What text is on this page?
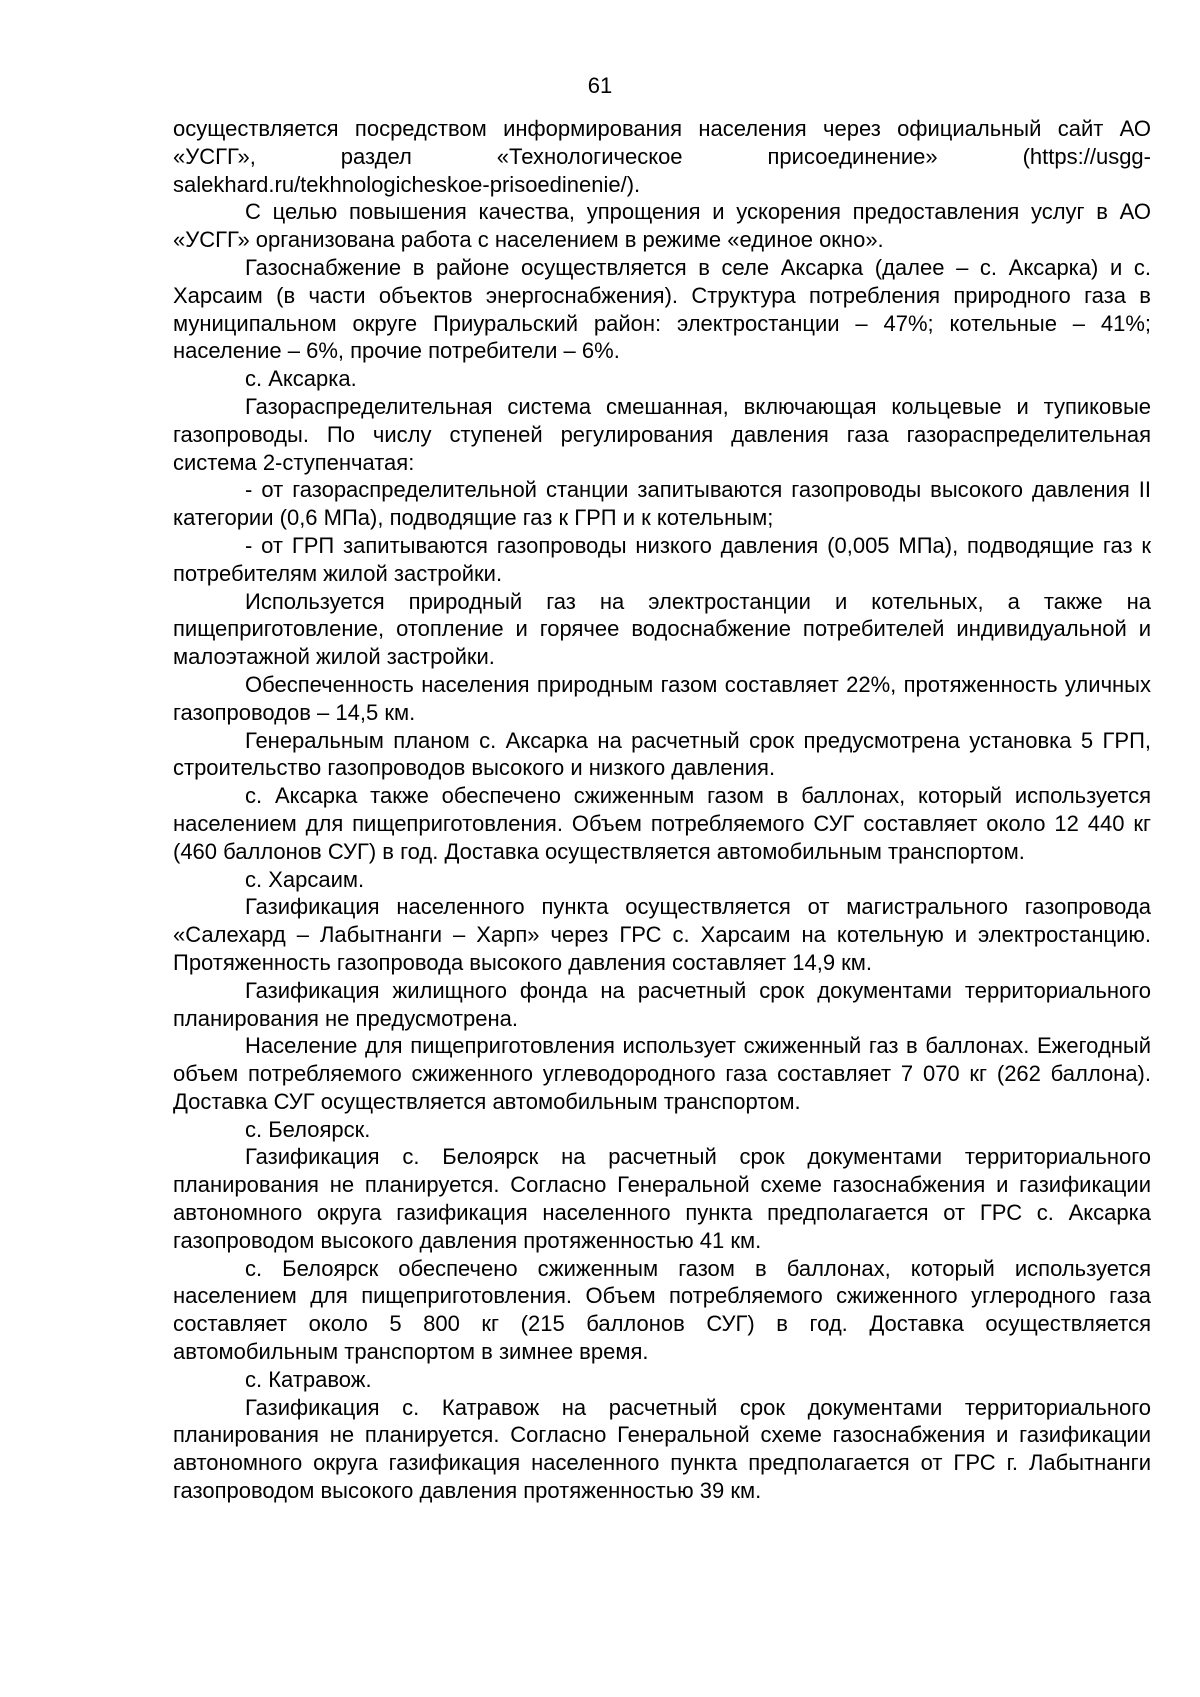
61

осуществляется посредством информирования населения через официальный сайт АО «УСГГ», раздел «Технологическое присоединение» (https://usgg-salekhard.ru/tekhnologicheskoe-prisoedinenie/).

С целью повышения качества, упрощения и ускорения предоставления услуг в АО «УСГГ» организована работа с населением в режиме «единое окно».

Газоснабжение в районе осуществляется в селе Аксарка (далее – с. Аксарка) и с. Харсаим (в части объектов энергоснабжения). Структура потребления природного газа в муниципальном округе Приуральский район: электростанции – 47%; котельные – 41%; население – 6%, прочие потребители – 6%.

с. Аксарка.

Газораспределительная система смешанная, включающая кольцевые и тупиковые газопроводы. По числу ступеней регулирования давления газа газораспределительная система 2-ступенчатая:

- от газораспределительной станции запитываются газопроводы высокого давления II категории (0,6 МПа), подводящие газ к ГРП и к котельным;

- от ГРП запитываются газопроводы низкого давления (0,005 МПа), подводящие газ к потребителям жилой застройки.

Используется природный газ на электростанции и котельных, а также на пищеприготовление, отопление и горячее водоснабжение потребителей индивидуальной и малоэтажной жилой застройки.

Обеспеченность населения природным газом составляет 22%, протяженность уличных газопроводов – 14,5 км.

Генеральным планом с. Аксарка на расчетный срок предусмотрена установка 5 ГРП, строительство газопроводов высокого и низкого давления.

с. Аксарка также обеспечено сжиженным газом в баллонах, который используется населением для пищеприготовления. Объем потребляемого СУГ составляет около 12 440 кг (460 баллонов СУГ) в год. Доставка осуществляется автомобильным транспортом.

с. Харсаим.

Газификация населенного пункта осуществляется от магистрального газопровода «Салехард – Лабытнанги – Харп» через ГРС с. Харсаим на котельную и электростанцию. Протяженность газопровода высокого давления составляет 14,9 км.

Газификация жилищного фонда на расчетный срок документами территориального планирования не предусмотрена.

Население для пищеприготовления использует сжиженный газ в баллонах. Ежегодный объем потребляемого сжиженного углеводородного газа составляет 7 070 кг (262 баллона). Доставка СУГ осуществляется автомобильным транспортом.

с. Белоярск.

Газификация с. Белоярск на расчетный срок документами территориального планирования не планируется. Согласно Генеральной схеме газоснабжения и газификации автономного округа газификация населенного пункта предполагается от ГРС с. Аксарка газопроводом высокого давления протяженностью 41 км.

с. Белоярск обеспечено сжиженным газом в баллонах, который используется населением для пищеприготовления. Объем потребляемого сжиженного углеродного газа составляет около 5 800 кг (215 баллонов СУГ) в год. Доставка осуществляется автомобильным транспортом в зимнее время.

с. Катравож.

Газификация с. Катравож на расчетный срок документами территориального планирования не планируется. Согласно Генеральной схеме газоснабжения и газификации автономного округа газификация населенного пункта предполагается от ГРС г. Лабытнанги газопроводом высокого давления протяженностью 39 км.
